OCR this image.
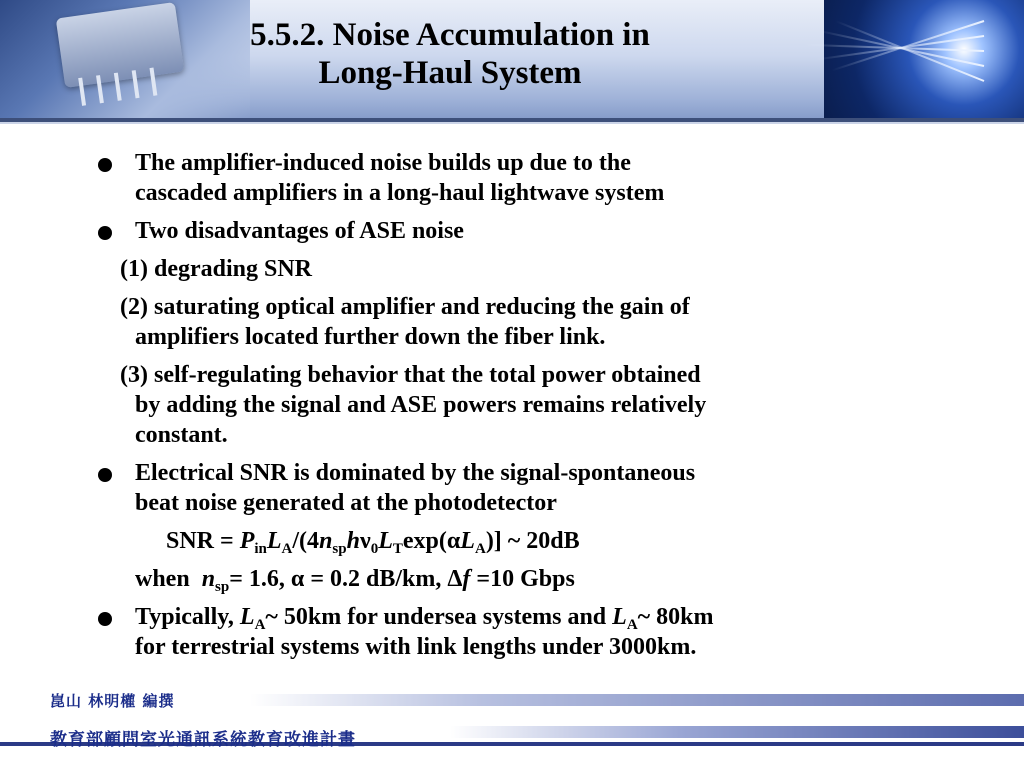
5.5.2. Noise Accumulation in
Long-Haul System
The amplifier-induced noise builds up due to the
cascaded amplifiers in a long-haul lightwave system
Two disadvantages of ASE noise
(1) degrading SNR
(2) saturating optical amplifier and reducing the gain of
amplifiers located further down the fiber link.
(3) self-regulating behavior that the total power obtained
by adding the signal and ASE powers remains relatively
constant.
Electrical SNR is dominated by the signal-spontaneous
beat noise generated at the photodetector
SNR = $P_{in}L_A/(4n_{sp}h\nu_0L_T\exp(\alpha L_A)]$ ~ 20dB
when  $n_{sp}= 1.6$, α = 0.2 dB/km, Δf =10 Gbps
Typically, $L_A\sim$ 50km for undersea systems and $L_A\sim$ 80km
for terrestrial systems with link lengths under 3000km.
崑山 林明權 編撰
教育部顧問室光通訊系統教育改進計畫
